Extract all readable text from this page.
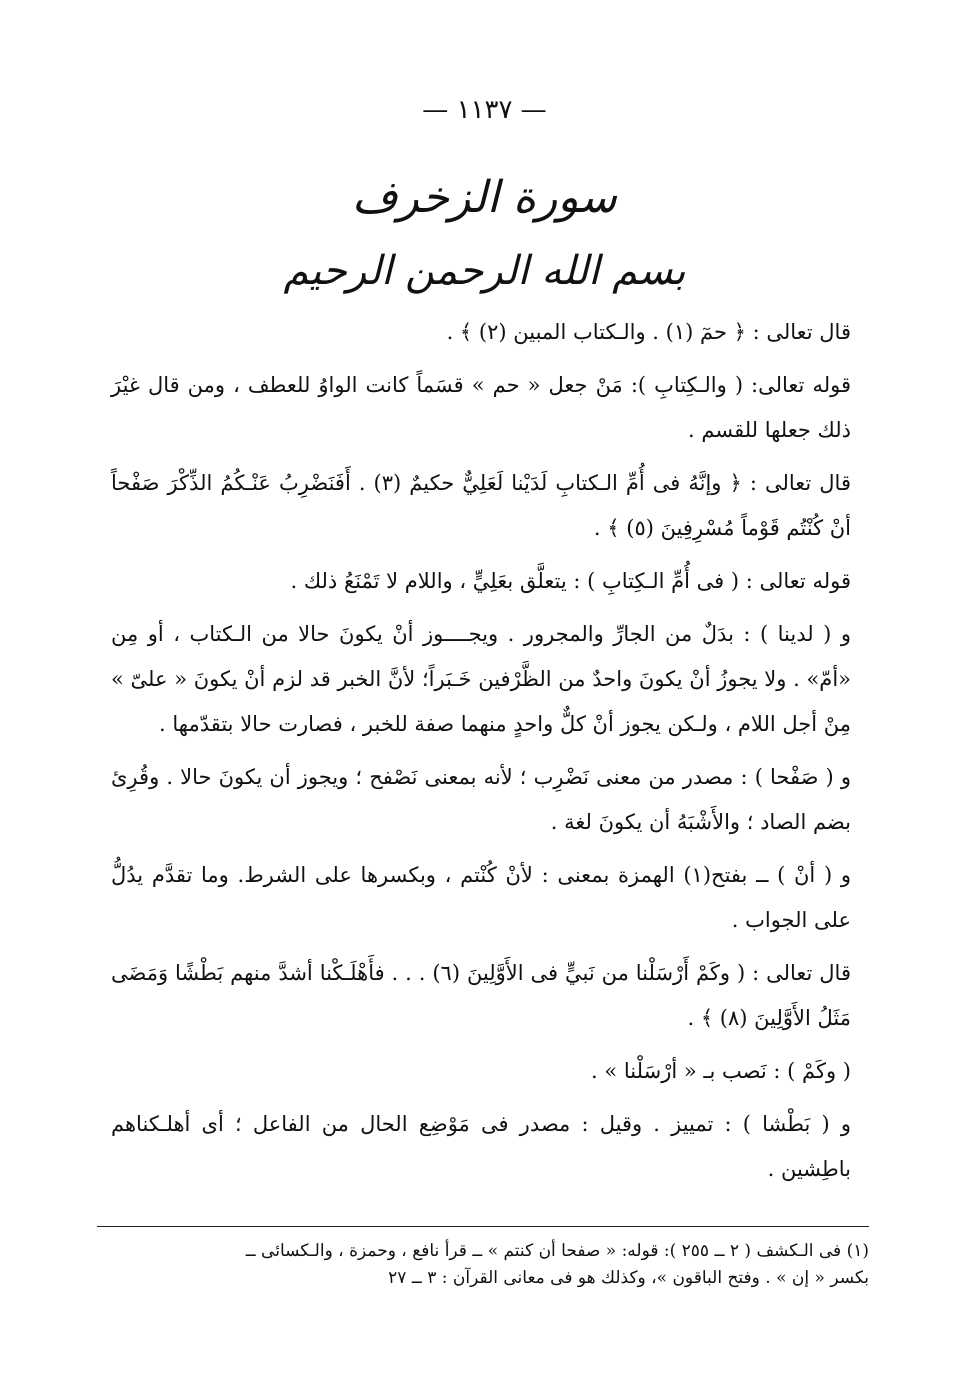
— ١١٣٧ —
سورة الزخرف
بسم الله الرحمن الرحيم

قال تعالى : ﴿ حمٓ (١) . والـكتاب المبين (٢) ﴾ .

قوله تعالى: ( والـكِتابِ ): مَنْ جعل « حم » قسَماً كانت الواوُ للعطف ، ومن قال غيْرَ ذلك جعلها للقسم .

قال تعالى : ﴿ وإنَّهُ فى أُمِّ الـكتابِ لَدَيْنا لَعَلِيٌّ حكيمٌ (٣) . أَفَنَضْرِبُ عَنْـكُمُ الذِّكْرَ صَفْحاً أنْ كُنْتُم قَوْماً مُسْرِفِينَ (٥) ﴾ .

قوله تعالى : ( فى أُمِّ الـكِتابِ ) : يتعلَّق بعَلِيٍّ ، واللام لا تَمْنَعُ ذلك .

و ( لدينا ) : بدَلٌ من الجارِّ والمجرور . ويجــــوز أنْ يكونَ حالا من الـكتاب ، أو مِن «أمّ» . ولا يجوزُ أنْ يكونَ واحدٌ من الظَّرْفين خَـبَراً؛ لأنَّ الخبر قد لزم أنْ يكونَ « علىّ » مِنْ أجل اللام ، ولـكن يجوز أنْ كلٌّ واحدٍ منهما صفة للخبر ، فصارت حالا بتقدّمها .

و ( صَفْحا ) : مصدر من معنى نَضْرِب ؛ لأنه بمعنى نَصْفح ؛ ويجوز أن يكونَ حالا . وقُرِئ بضم الصاد ؛ والأَشْبَهُ أن يكونَ لغة .

و ( أنْ ) ــ بفتح(١) الهمزة بمعنى : لأنْ كُنْتم ، وبكسرها على الشرط. وما تقدَّم يدُلُّ على الجواب .

قال تعالى : ( وكَمْ أَرْسَلْنا من نَبيٍّ فى الأَوَّلِينَ (٦) . . . فأَهْلَـكْنا أشدَّ منهم بَطْشًا وَمَضَى مَثَلُ الأَوَّلِينَ (٨) ﴾ .

( وكَمْ ) : نَصب بـ « أرْسَلْنا » .

و ( بَطْشا ) : تمييز . وقيل : مصدر فى مَوْضِع الحال من الفاعل ؛ أى أهلـكناهم باطِشين .

(١) فى الـكشف ( ٢ ــ ٢٥٥ ): قوله: « صفحا أن كنتم » ــ قرأ نافع ، وحمزة ، والـكسائى ــ

بكسر « إن » . وفتح الباقون »، وكذلك هو فى معانى القرآن : ٣ ــ ٢٧
